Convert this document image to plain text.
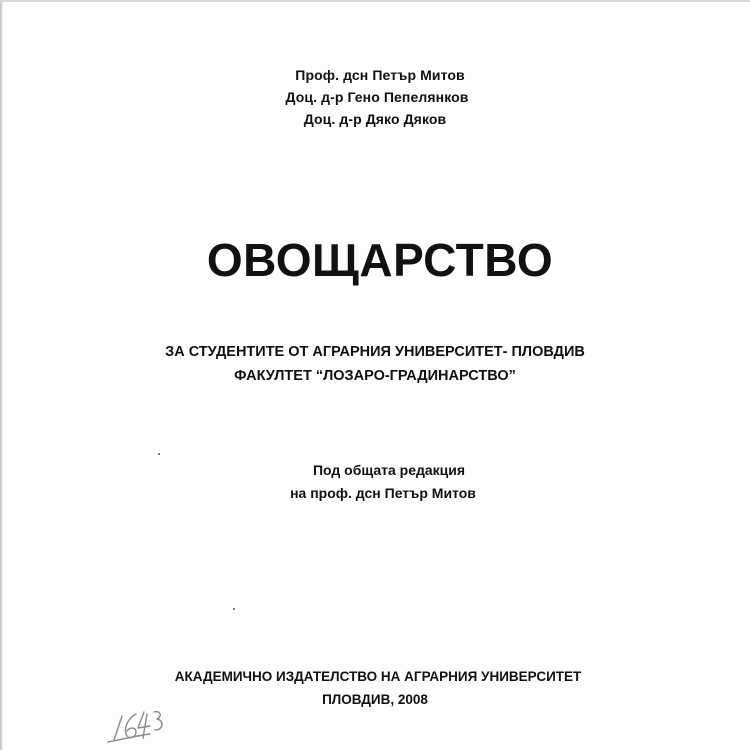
Проф. дсн Петър Митов
Доц. д-р Гено Пепелянков
Доц. д-р Дяко Дяков
ОВОЩАРСТВО
ЗА СТУДЕНТИТЕ ОТ АГРАРНИЯ УНИВЕРСИТЕТ- ПЛОВДИВ
ФАКУЛТЕТ “ЛОЗАРО-ГРАДИНАРСТВО”
Под общата редакция
на проф. дсн Петър Митов
АКАДЕМИЧНО ИЗДАТЕЛСТВО НА АГРАРНИЯ УНИВЕРСИТЕТ
ПЛОВДИВ, 2008
